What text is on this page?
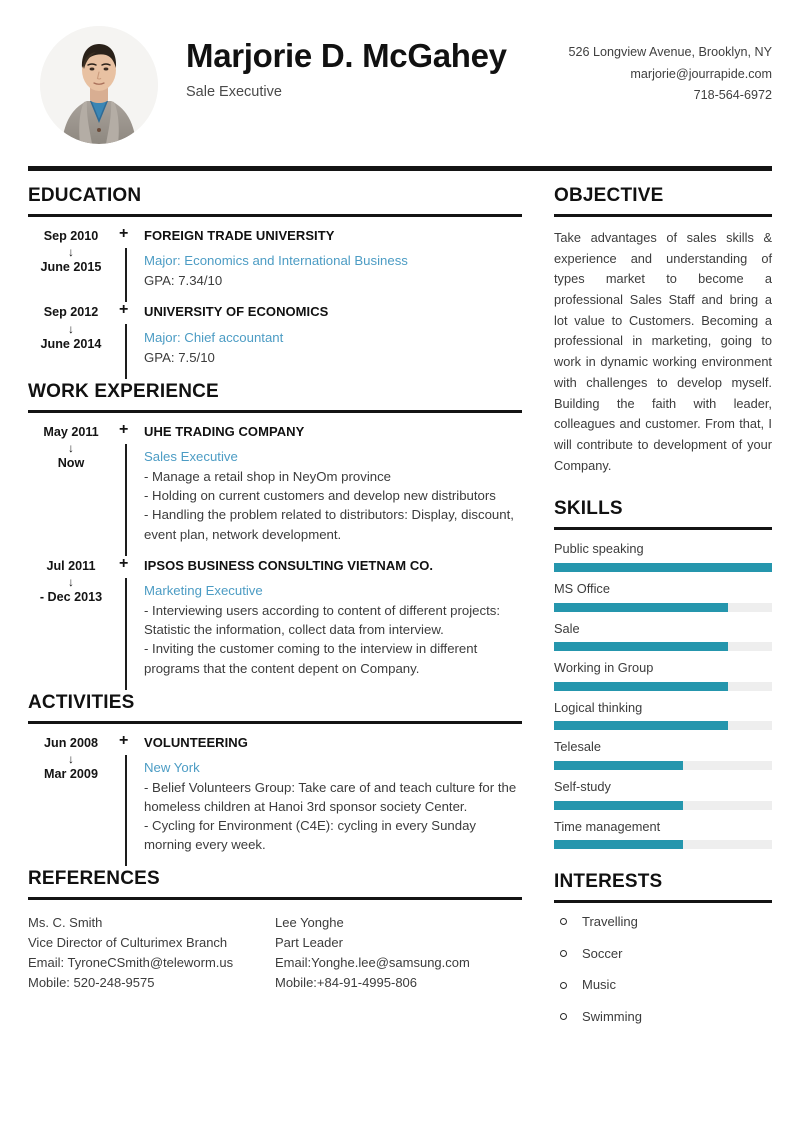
Marjorie D. McGahey
Sale Executive
526 Longview Avenue, Brooklyn, NY
marjorie@jourrapide.com
718-564-6972
EDUCATION
Sep 2010
↓
June 2015
+ FOREIGN TRADE UNIVERSITY
Major: Economics and International Business
GPA: 7.34/10
Sep 2012
↓
June 2014
+ UNIVERSITY OF ECONOMICS
Major: Chief accountant
GPA: 7.5/10
WORK EXPERIENCE
May 2011
↓
Now
+ UHE TRADING COMPANY
Sales Executive
- Manage a retail shop in NeyOm province
- Holding on current customers and develop new distributors
- Handling the problem related to distributors: Display, discount, event plan, network development.
Jul 2011
↓
- Dec 2013
+ IPSOS BUSINESS CONSULTING VIETNAM CO.
Marketing Executive
- Interviewing users according to content of different projects: Statistic the information, collect data from interview.
- Inviting the customer coming to the interview in different programs that the content depent on Company.
ACTIVITIES
Jun 2008
↓
Mar 2009
+ VOLUNTEERING
New York
- Belief Volunteers Group: Take care of and teach culture for the homeless children at Hanoi 3rd sponsor society Center.
- Cycling for Environment (C4E): cycling in every Sunday morning every week.
REFERENCES
Ms. C. Smith
Vice Director of Culturimex Branch
Email: TyroneCSmith@teleworm.us
Mobile: 520-248-9575
Lee Yonghe
Part Leader
Email:Yonghe.lee@samsung.com
Mobile:+84-91-4995-806
OBJECTIVE
Take advantages of sales skills & experience and understanding of types market to become a professional Sales Staff and bring a lot value to Customers. Becoming a professional in marketing, going to work in dynamic working environment with challenges to develop myself. Building the faith with leader, colleagues and customer. From that, I will contribute to development of your Company.
SKILLS
Public speaking
MS Office
Sale
Working in Group
Logical thinking
Telesale
Self-study
Time management
INTERESTS
Travelling
Soccer
Music
Swimming
